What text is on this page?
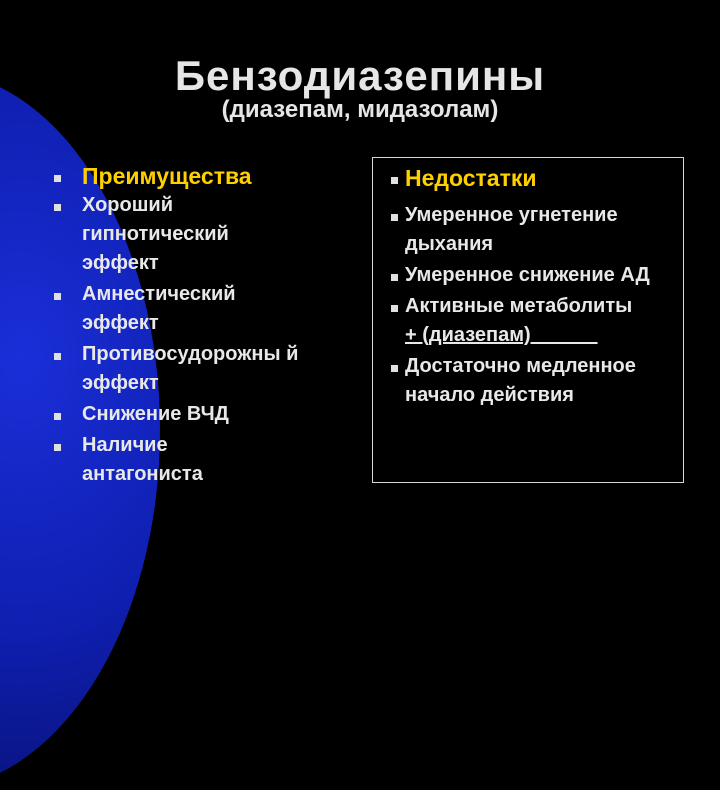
Бензодиазепины
(диазепам, мидазолам)
Преимущества
Хороший гипнотический эффект
Амнестический эффект
Противосудорожны й эффект
Снижение ВЧД
Наличие антагониста
Недостатки
Умеренное угнетение дыхания
Умеренное снижение АД
Активные метаболиты
+ (диазепам)______
Достаточно медленное начало действия
